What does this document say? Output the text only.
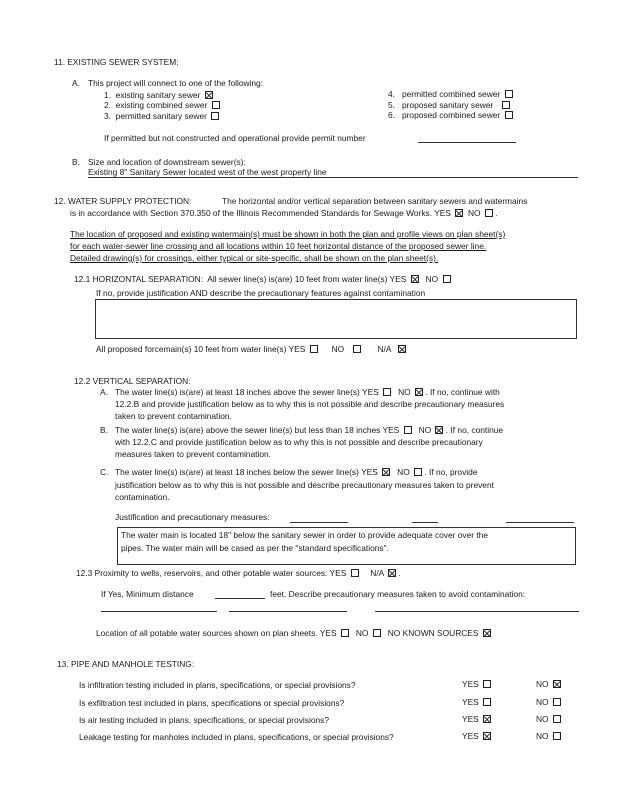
11. EXISTING SEWER SYSTEM:
A. This project will connect to one of the following:
1. existing sanitary sewer
2. existing combined sewer
3. permitted sanitary sewer
4. permitted combined sewer
5. proposed sanitary sewer
6. proposed combined sewer
If permitted but not constructed and operational provide permit number
B. Size and location of downstream sewer(s):
Existing 8" Sanitary Sewer located west of the west property line
12. WATER SUPPLY PROTECTION:	The horizontal and/or vertical separation between sanitary sewers and watermains
is in accordance with Section 370.350 of the Illinois Recommended Standards for Sewage Works. YES NO  .
The location of proposed and existing watermain(s) must be shown in both the plan and profile views on plan sheet(s)
for each water-sewer line crossing and all locations within 10 feet horizontal distance of the proposed sewer line.
Detailed drawing(s) for crossings, either typical or site-specific, shall be shown on the plan sheet(s).
12.1 HORIZONTAL SEPARATION: All sewer line(s) is(are) 10 feet from water line(s) YES NO
If no, provide justification AND describe the precautionary features against contamination
All proposed forcemain(s) 10 feet from water line(s) YES	NO	N/A
12.2 VERTICAL SEPARATION:
A. The water line(s) is(are) at least 18 inches above the sewer line(s) YES NO . If no, continue with
12.2.B and provide justification below as to why this is not possible and describe precautionary measures
taken to prevent contamination.
B. The water line(s) is(are) above the sewer line(s) but less than 18 inches YES NO . If no, continue
with 12.2.C and provide justification below as to why this is not possible and describe precautionary
measures taken to prevent contamination.
C. The water line(s) is(are) at least 18 inches below the sewer line(s) YES NO . If no, provide
justification below as to why this is not possible and describe precautionary measures taken to prevent
contamination.
Justification and precautionary measures:
The water main is located 18" below the sanitary sewer in order to provide adequate cover over the
pipes. The water main will be cased as per the "standard specifications".
12.3 Proximity to wells, reservoirs, and other potable water sources: YES	N/A  .
If Yes, Minimum distance	feet. Describe precautionary measures taken to avoid contamination:
Location of all potable water sources shown on plan sheets. YES NO NO KNOWN SOURCES
13. PIPE AND MANHOLE TESTING:
Is infiltration testing included in plans, specifications, or special provisions?	YES	NO
Is exfiltration test included in plans, specifications or special provisions?	YES	NO
Is air testing included in plans, specifications, or special provisions?	YES	NO
Leakage testing for manholes included in plans, specifications, or special provisions?	YES	NO
